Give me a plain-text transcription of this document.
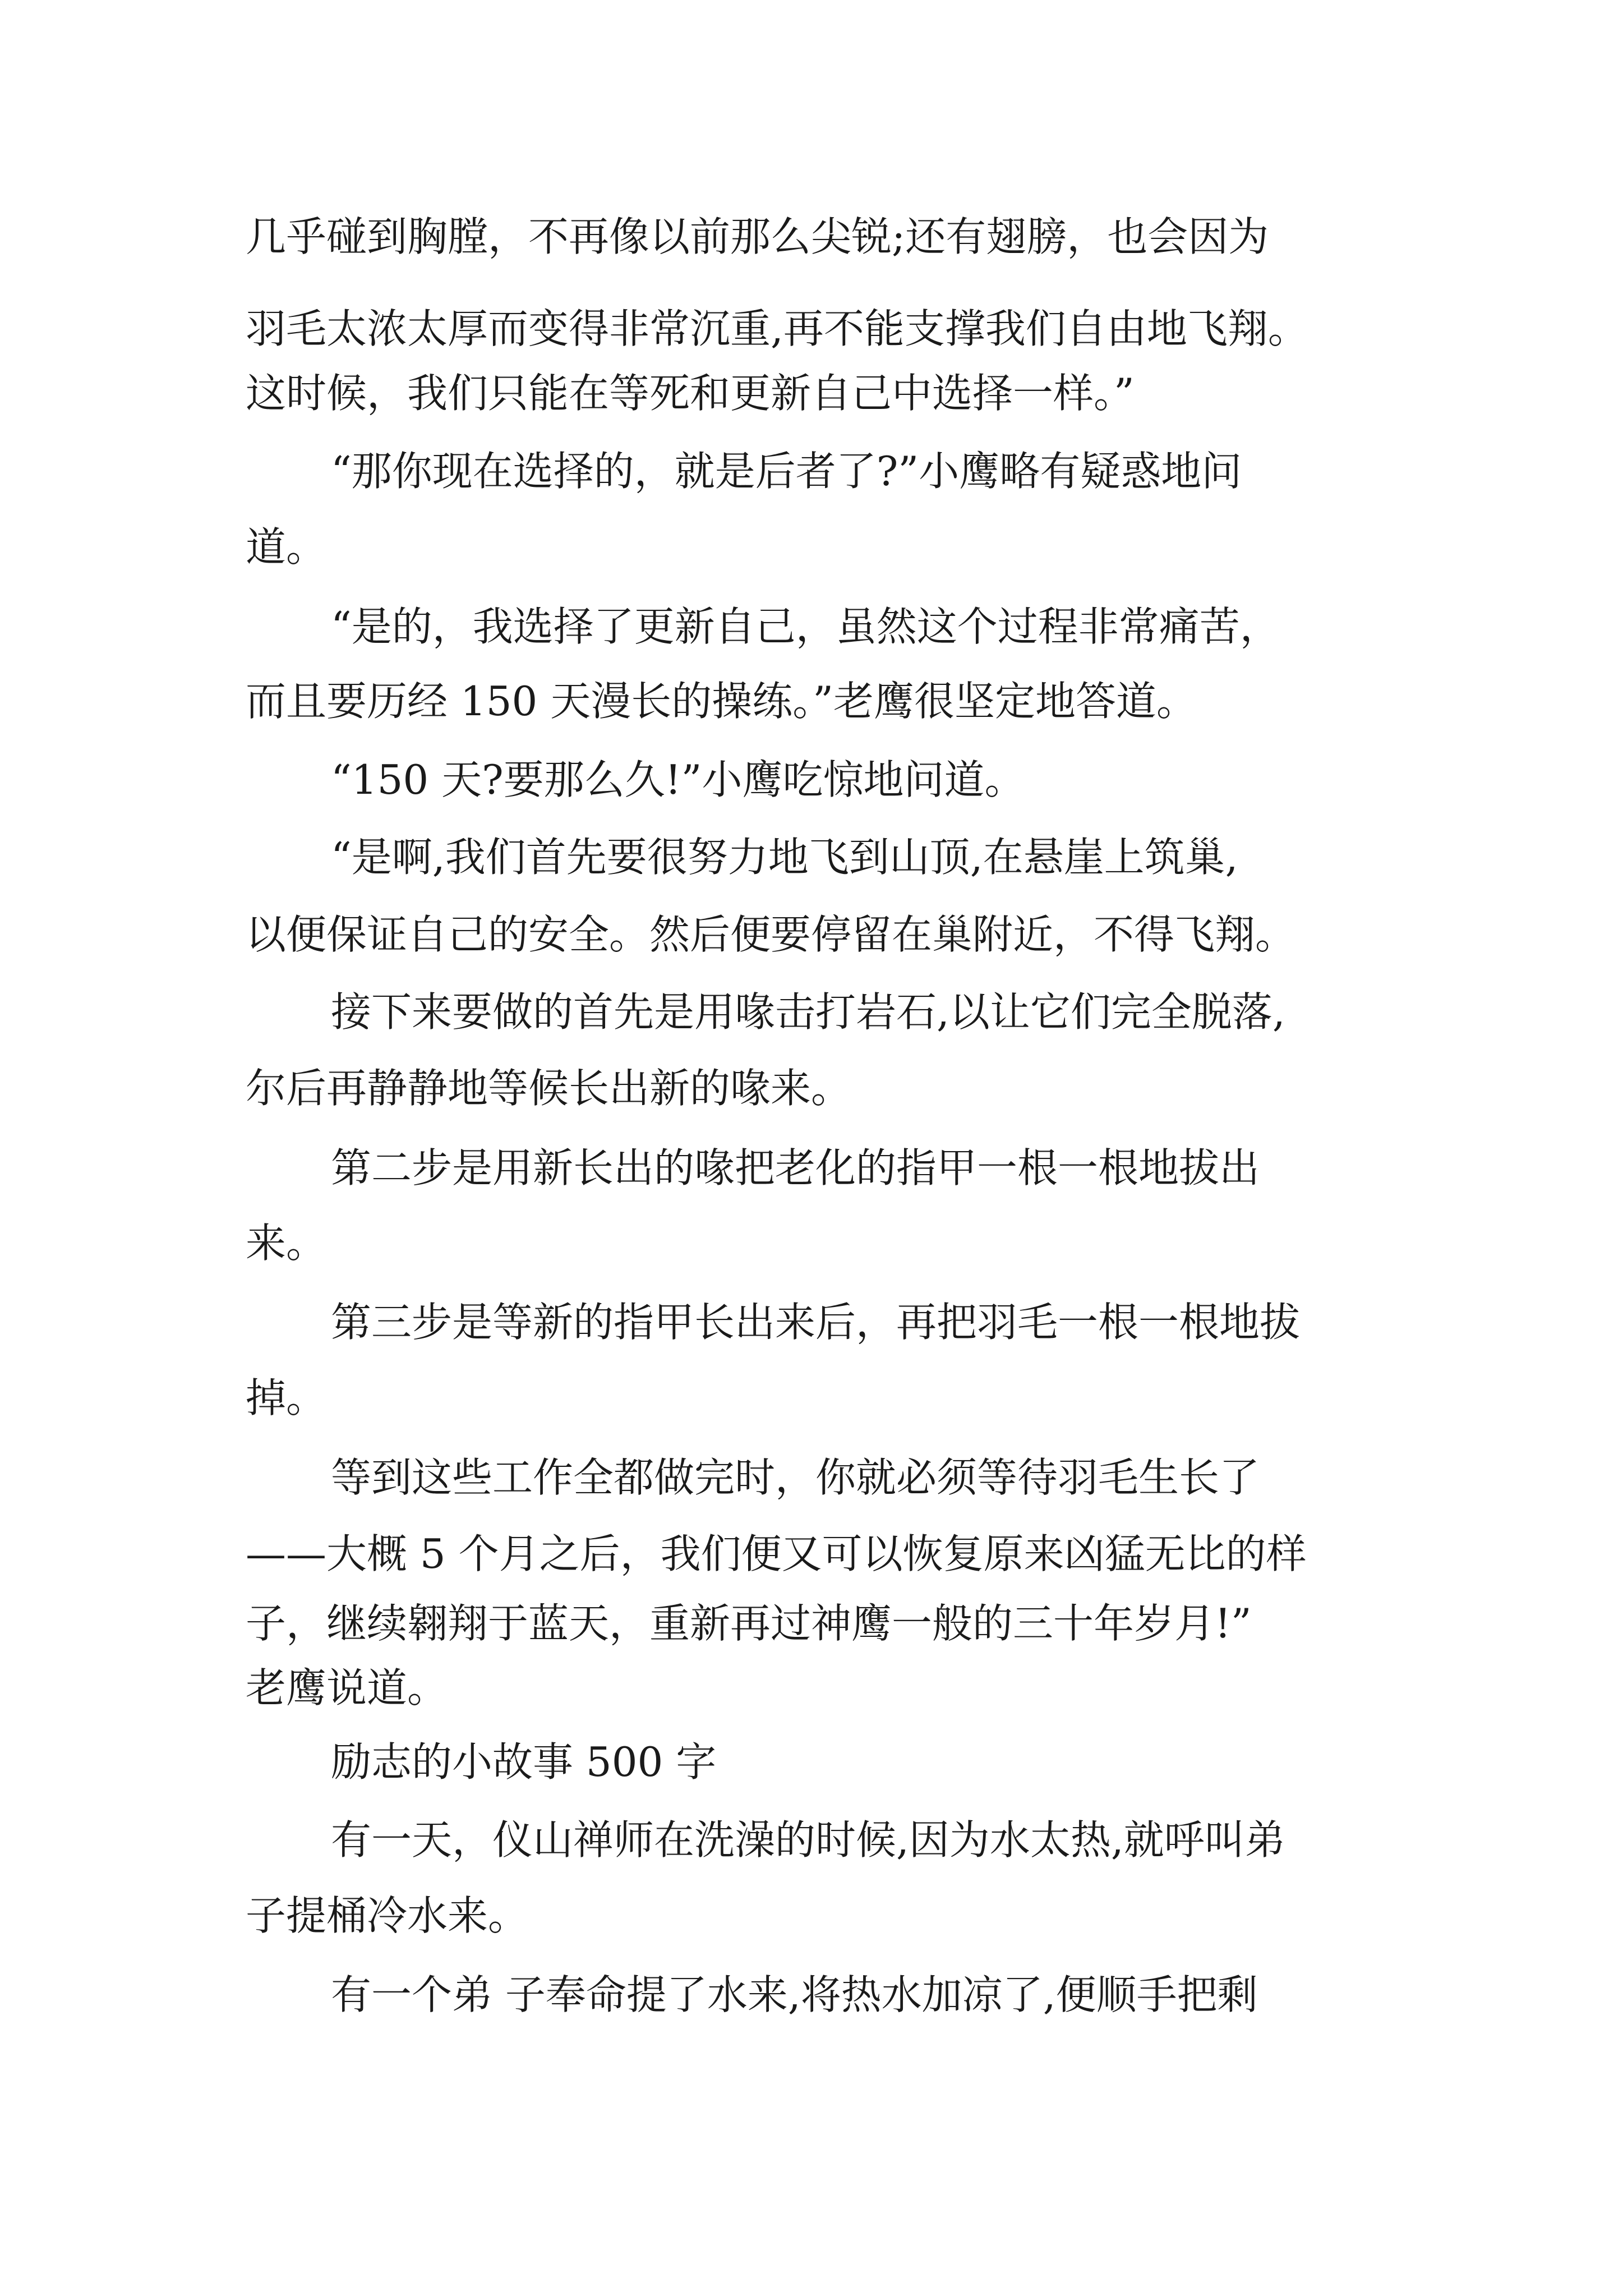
几乎碰到胸膛，不再像以前那么尖锐;还有翅膀，也会因为
羽毛太浓太厚而变得非常沉重,再不能支撑我们自由地飞翔。
这时候，我们只能在等死和更新自己中选择一样。”
“那你现在选择的，就是后者了?”小鹰略有疑惑地问
道。
“是的，我选择了更新自己，虽然这个过程非常痛苦，
而且要历经 150 天漫长的操练。”老鹰很坚定地答道。
“150 天?要那么久!”小鹰吃惊地问道。
“是啊,我们首先要很努力地飞到山顶,在悬崖上筑巢,
以便保证自己的安全。然后便要停留在巢附近，不得飞翔。
接下来要做的首先是用喙击打岩石,以让它们完全脱落,
尔后再静静地等候长出新的喙来。
第二步是用新长出的喙把老化的指甲一根一根地拔出
来。
第三步是等新的指甲长出来后，再把羽毛一根一根地拔
掉。
等到这些工作全都做完时，你就必须等待羽毛生长了
——大概 5 个月之后，我们便又可以恢复原来凶猛无比的样
子，继续翱翔于蓝天，重新再过神鹰一般的三十年岁月!”
老鹰说道。
励志的小故事 500 字
有一天，仪山禅师在洗澡的时候,因为水太热,就呼叫弟
子提桶冷水来。
有一个弟 子奉命提了水来,将热水加凉了,便顺手把剩
